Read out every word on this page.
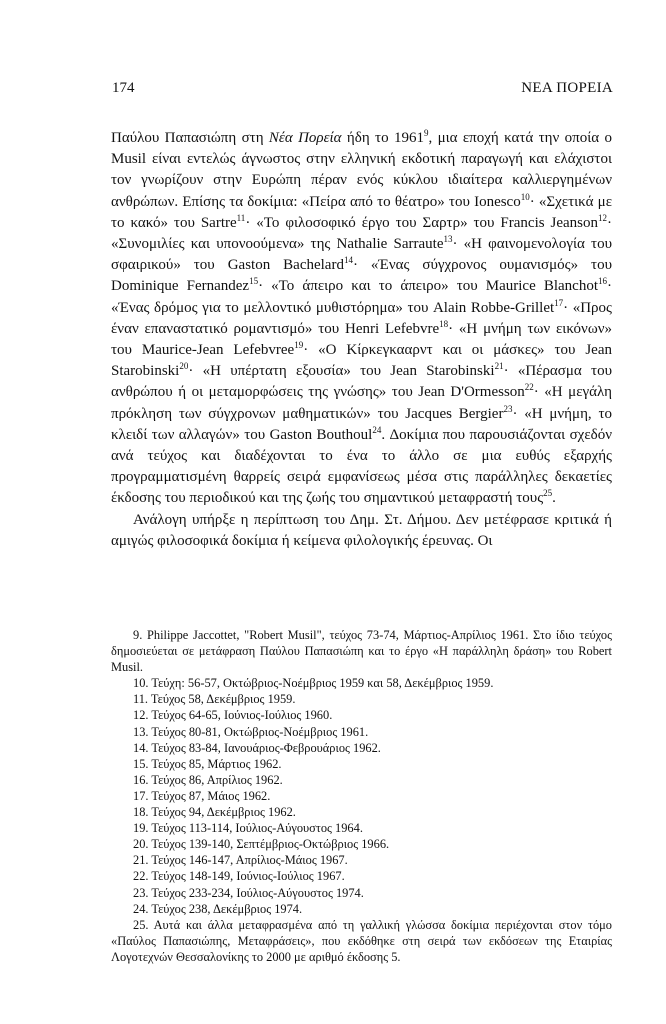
174	ΝΕΑ ΠΟΡΕΙΑ

Παύλου Παπασιώπη στη Νέα Πορεία ήδη το 1961$^9$, μια εποχή κατά την οποία ο Musil είναι εντελώς άγνωστος στην ελληνική εκδοτική παραγωγή και ελάχιστοι τον γνωρίζουν στην Ευρώπη πέραν ενός κύκλου ιδιαίτερα καλλιεργημένων ανθρώπων. Επίσης τα δοκίμια: «Πείρα από το θέατρο» του Ionesco$^{10}$· «Σχετικά με το κακό» του Sartre$^{11}$· «Το φιλοσοφικό έργο του Σαρτρ» του Francis Jeanson$^{12}$· «Συνομιλίες και υπονοούμενα» της Nathalie Sarraute$^{13}$· «Η φαινομενολογία του σφαιρικού» του Gaston Bachelard$^{14}$· «Ένας σύγχρονος ουμανισμός» του Dominique Fernandez$^{15}$· «Το άπειρο και το άπειρο» του Maurice Blanchot$^{16}$· «Ένας δρόμος για το μελλοντικό μυθιστόρημα» του Alain Robbe-Grillet$^{17}$· «Προς έναν επαναστατικό ρομαντισμό» του Henri Lefebvre$^{18}$· «Η μνήμη των εικόνων» του Maurice-Jean Lefebvree$^{19}$· «Ο Κίρκεγκααρντ και οι μάσκες» του Jean Starobinski$^{20}$· «Η υπέρτατη εξουσία» του Jean Starobinski$^{21}$· «Πέρασμα του ανθρώπου ή οι μεταμορφώσεις της γνώσης» του Jean D'Ormesson$^{22}$· «Η μεγάλη πρόκληση των σύγχρονων μαθηματικών» του Jacques Bergier$^{23}$· «Η μνήμη, το κλειδί των αλλαγών» του Gaston Bouthoul$^{24}$. Δοκίμια που παρουσιάζονται σχεδόν ανά τεύχος και διαδέχονται το ένα το άλλο σε μια ευθύς εξαρχής προγραμματισμένη θαρρείς σειρά εμφανίσεως μέσα στις παράλληλες δεκαετίες έκδοσης του περιοδικού και της ζωής του σημαντικού μεταφραστή τους$^{25}$.

Ανάλογη υπήρξε η περίπτωση του Δημ. Στ. Δήμου. Δεν μετέφρασε κριτικά ή αμιγώς φιλοσοφικά δοκίμια ή κείμενα φιλολογικής έρευνας. Οι

9. Philippe Jaccottet, "Robert Musil", τεύχος 73-74, Μάρτιος-Απρίλιος 1961. Στο ίδιο τεύχος δημοσιεύεται σε μετάφραση Παύλου Παπασιώπη και το έργο «Η παράλληλη δράση» του Robert Musil.

10. Τεύχη: 56-57, Οκτώβριος-Νοέμβριος 1959 και 58, Δεκέμβριος 1959.

11. Τεύχος 58, Δεκέμβριος 1959.

12. Τεύχος 64-65, Ιούνιος-Ιούλιος 1960.

13. Τεύχος 80-81, Οκτώβριος-Νοέμβριος 1961.

14. Τεύχος 83-84, Ιανουάριος-Φεβρουάριος 1962.

15. Τεύχος 85, Μάρτιος 1962.

16. Τεύχος 86, Απρίλιος 1962.

17. Τεύχος 87, Μάιος 1962.

18. Τεύχος 94, Δεκέμβριος 1962.

19. Τεύχος 113-114, Ιούλιος-Αύγουστος 1964.

20. Τεύχος 139-140, Σεπτέμβριος-Οκτώβριος 1966.

21. Τεύχος 146-147, Απρίλιος-Μάιος 1967.

22. Τεύχος 148-149, Ιούνιος-Ιούλιος 1967.

23. Τεύχος 233-234, Ιούλιος-Αύγουστος 1974.

24. Τεύχος 238, Δεκέμβριος 1974.

25. Αυτά και άλλα μεταφρασμένα από τη γαλλική γλώσσα δοκίμια περιέχονται στον τόμο «Παύλος Παπασιώπης, Μεταφράσεις», που εκδόθηκε στη σειρά των εκδόσεων της Εταιρίας Λογοτεχνών Θεσσαλονίκης το 2000 με αριθμό έκδοσης 5.
